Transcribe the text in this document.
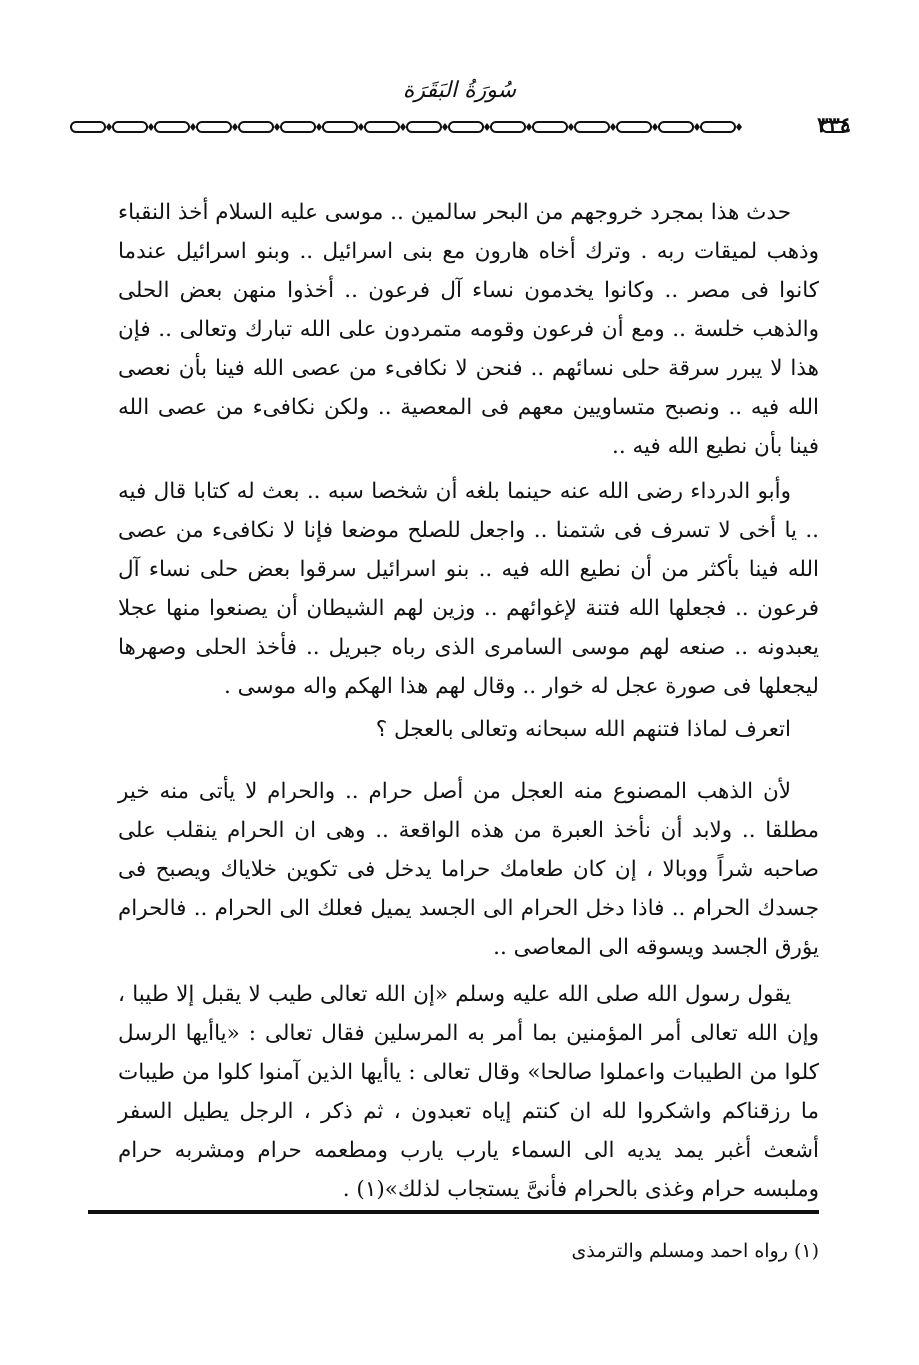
سُورَةُ البَقَرَة
٣٣٤

حدث هذا بمجرد خروجهم من البحر سالمين .. موسى عليه السلام أخذ النقباء وذهب لميقات ربه . وترك أخاه هارون مع بنى اسرائيل .. وبنو اسرائيل عندما كانوا فى مصر .. وكانوا يخدمون نساء آل فرعون .. أخذوا منهن بعض الحلى والذهب خلسة .. ومع أن فرعون وقومه متمردون على الله تبارك وتعالى .. فإن هذا لا يبرر سرقة حلى نسائهم .. فنحن لا نكافىء من عصى الله فينا بأن نعصى الله فيه .. ونصبح متساويين معهم فى المعصية .. ولكن نكافىء من عصى الله فينا بأن نطيع الله فيه ..

وأبو الدرداء رضى الله عنه حينما بلغه أن شخصا سبه .. بعث له كتابا قال فيه .. يا أخى لا تسرف فى شتمنا .. واجعل للصلح موضعا فإنا لا نكافىء من عصى الله فينا بأكثر من أن نطيع الله فيه .. بنو اسرائيل سرقوا بعض حلى نساء آل فرعون .. فجعلها الله فتنة لإغوائهم .. وزين لهم الشيطان أن يصنعوا منها عجلا يعبدونه .. صنعه لهم موسى السامرى الذى رباه جبريل .. فأخذ الحلى وصهرها ليجعلها فى صورة عجل له خوار .. وقال لهم هذا الهكم واله موسى .

اتعرف لماذا فتنهم الله سبحانه وتعالى بالعجل ؟

لأن الذهب المصنوع منه العجل من أصل حرام .. والحرام لا يأتى منه خير مطلقا .. ولابد أن نأخذ العبرة من هذه الواقعة .. وهى ان الحرام ينقلب على صاحبه شراً ووبالا ، إن كان طعامك حراما يدخل فى تكوين خلاياك ويصبح فى جسدك الحرام .. فاذا دخل الحرام الى الجسد يميل فعلك الى الحرام .. فالحرام يؤرق الجسد ويسوقه الى المعاصى ..

يقول رسول الله صلى الله عليه وسلم «إن الله تعالى طيب لا يقبل إلا طيبا ، وإن الله تعالى أمر المؤمنين بما أمر به المرسلين فقال تعالى : «ياأيها الرسل كلوا من الطيبات واعملوا صالحا» وقال تعالى : ياأيها الذين آمنوا كلوا من طيبات ما رزقناكم واشكروا لله ان كنتم إياه تعبدون ، ثم ذكر ، الرجل يطيل السفر أشعث أغبر يمد يديه الى السماء يارب يارب ومطعمه حرام ومشربه حرام وملبسه حرام وغذى بالحرام فأنىَّ يستجاب لذلك»(١) .

(١) رواه احمد ومسلم والترمذى
